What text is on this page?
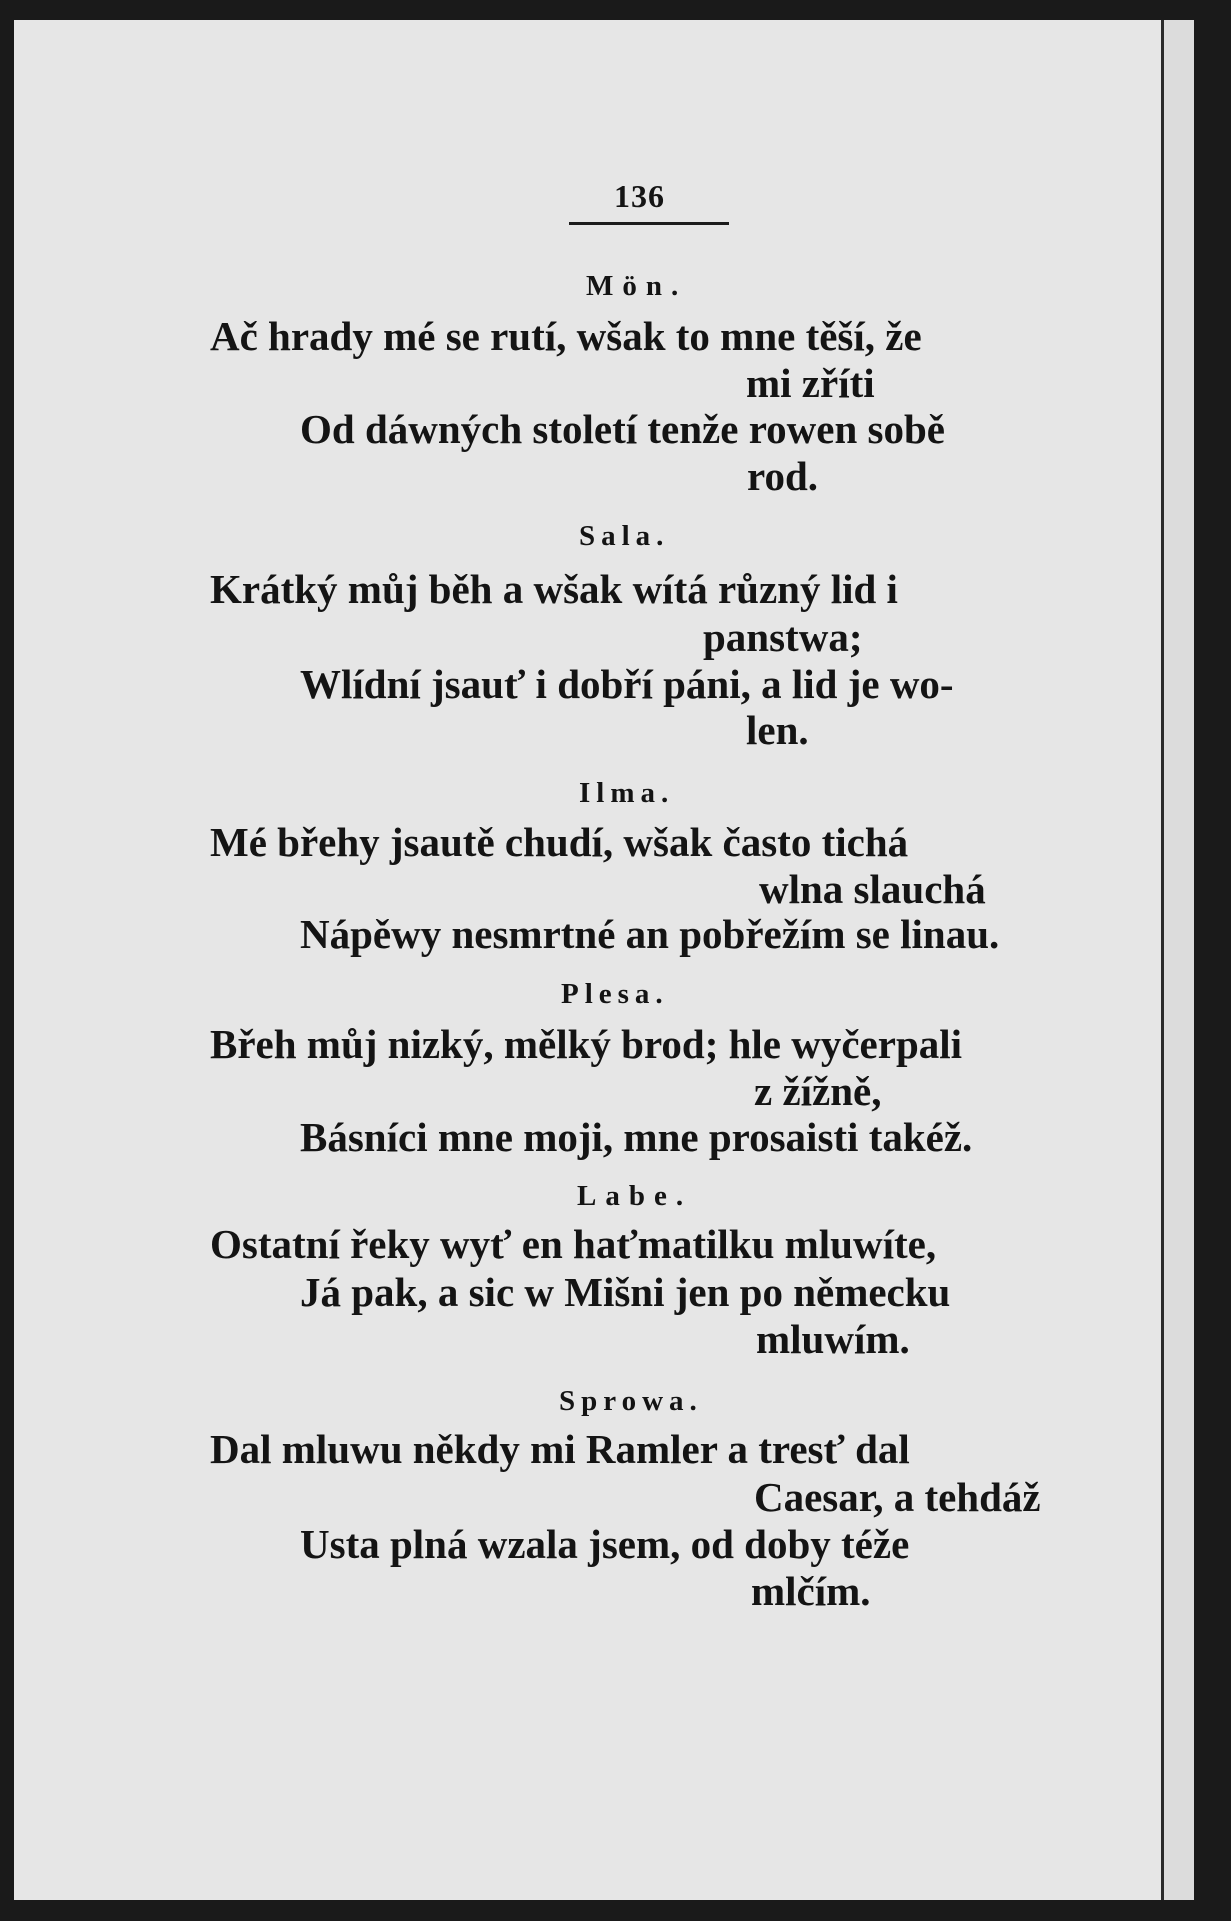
136
Mön.
Ač hrady mé se rutí, wšak to mne těší, že
mi zříti
Od dáwných století tenže rowen sobě
rod.
Sala.
Krátký můj běh a wšak wítá různý lid i
panstwa;
Wlídní jsauť i dobří páni, a lid je wo-
len.
Ilma.
Mé břehy jsautě chudí, wšak často tichá
wlna slauchá
Nápěwy nesmrtné an pobřežím se linau.
Plesa.
Břeh můj nizký, mělký brod; hle wyčerpali
z žížně,
Básníci mne moji, mne prosaisti takéž.
Labe.
Ostatní řeky wyť en haťmatilku mluwíte,
Já pak, a sic w Mišni jen po německu
mluwím.
Sprowa.
Dal mluwu někdy mi Ramler a tresť dal
Caesar, a tehdáž
Usta plná wzala jsem, od doby téže
mlčím.
